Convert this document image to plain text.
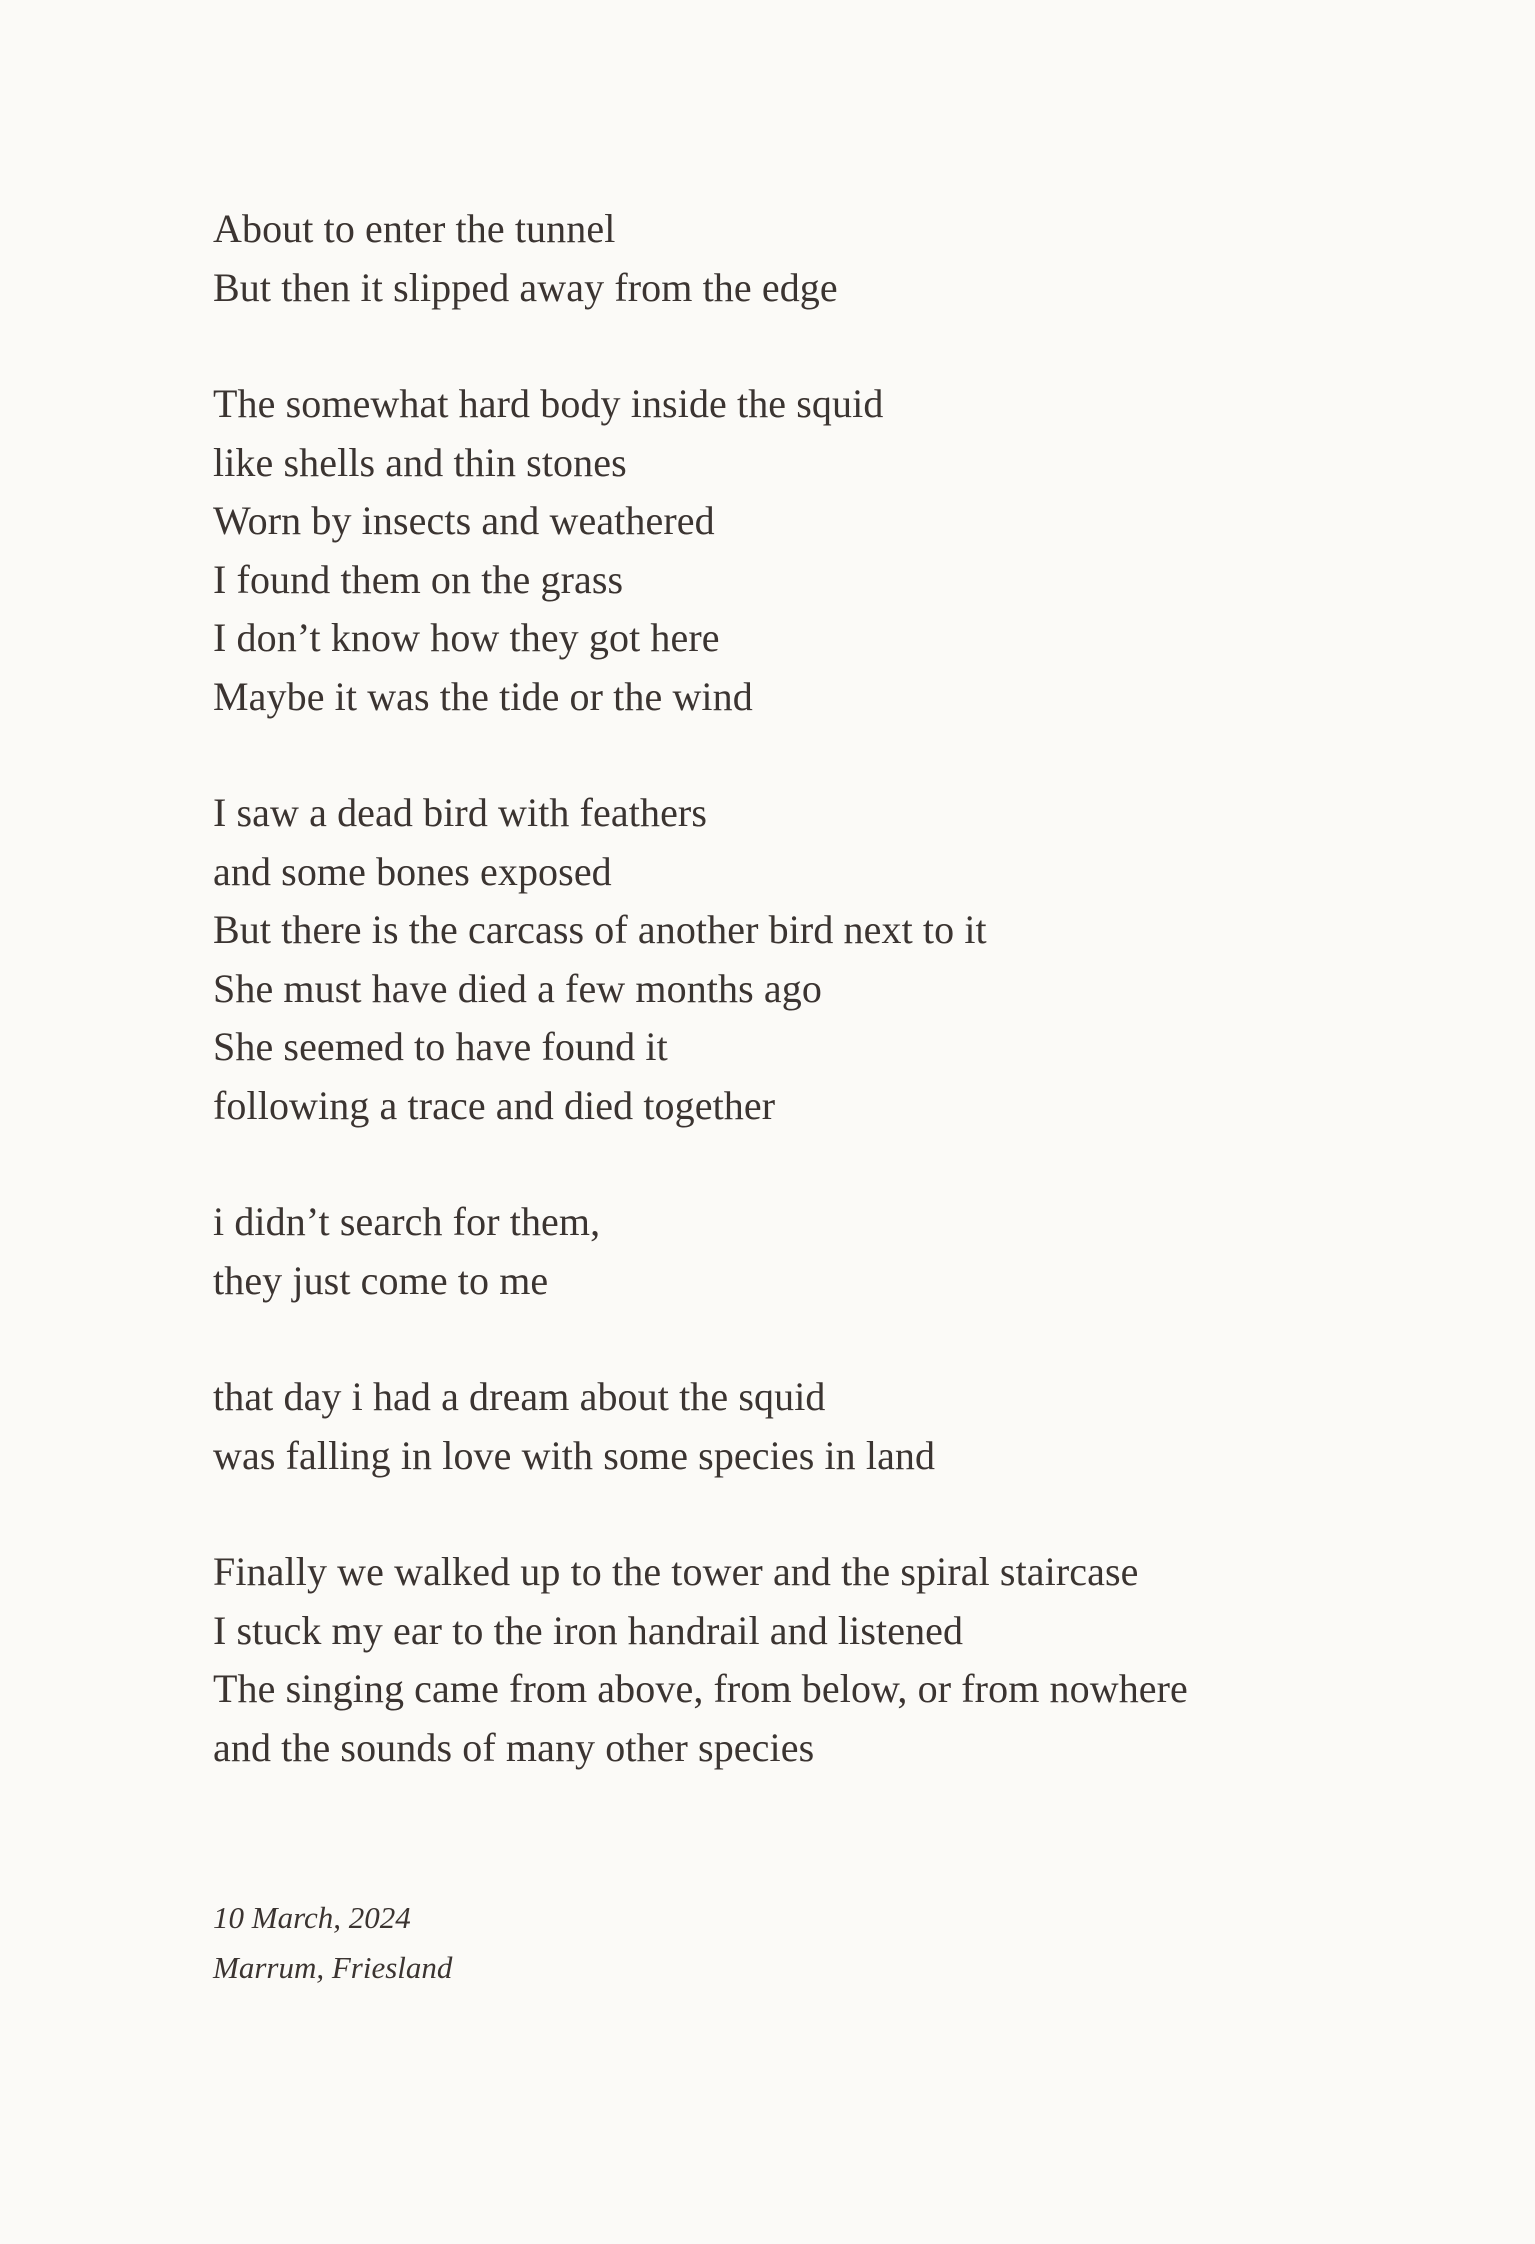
About to enter the tunnel
But then it slipped away from the edge
The somewhat hard body inside the squid
like shells and thin stones
Worn by insects and weathered
I found them on the grass
I don’t know how they got here
Maybe it was the tide or the wind
I saw a dead bird with feathers
and some bones exposed
But there is the carcass of another bird next to it
She must have died a few months ago
She seemed to have found it
following a trace and died together
i didn’t search for them,
they just come to me
that day i had a dream about the squid
was falling in love with some species in land
Finally we walked up to the tower and the spiral staircase
I stuck my ear to the iron handrail and listened
The singing came from above, from below, or from nowhere
and the sounds of many other species
10 March, 2024
Marrum, Friesland
